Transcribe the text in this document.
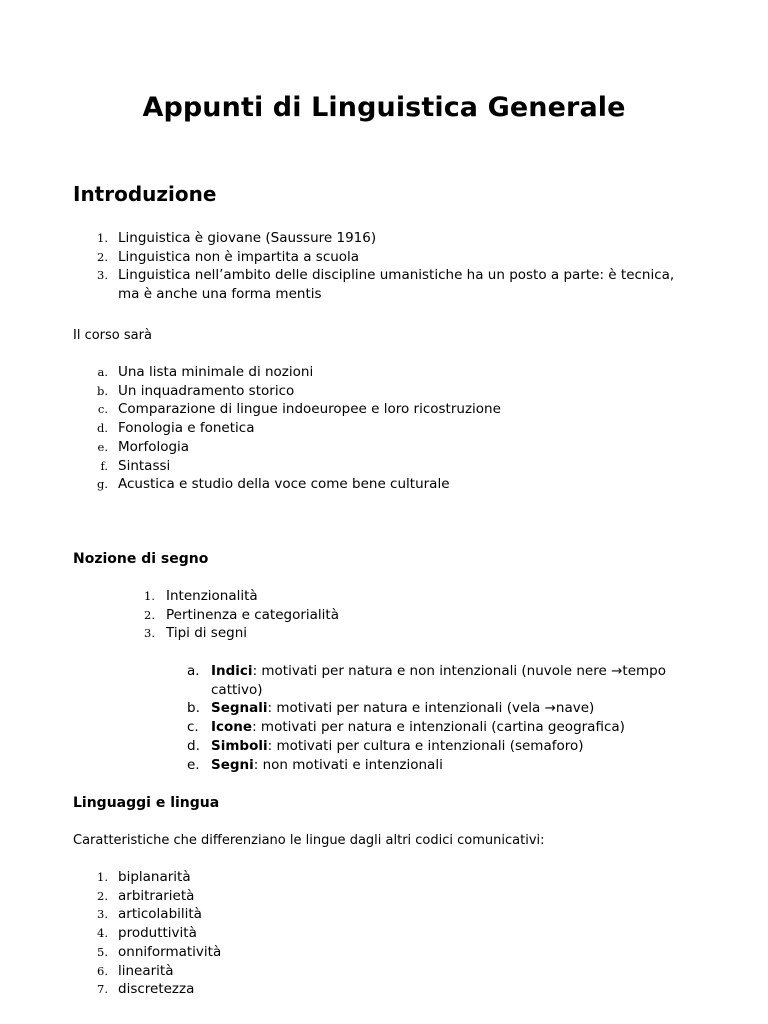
Appunti di Linguistica Generale
Introduzione
1. Linguistica è giovane (Saussure 1916)
2. Linguistica non è impartita a scuola
3. Linguistica nell’ambito delle discipline umanistiche ha un posto a parte: è tecnica, ma è anche una forma mentis
Il corso sarà
a. Una lista minimale di nozioni
b. Un inquadramento storico
c. Comparazione di lingue indoeuropee e loro ricostruzione
d. Fonologia e fonetica
e. Morfologia
f. Sintassi
g. Acustica e studio della voce come bene culturale
Nozione di segno
1. Intenzionalità
2. Pertinenza e categorialità
3. Tipi di segni
a. Indici: motivati per natura e non intenzionali (nuvole nere →tempo cattivo)
b. Segnali: motivati per natura e intenzionali (vela →nave)
c. Icone: motivati per natura e intenzionali (cartina geografica)
d. Simboli: motivati per cultura e intenzionali (semaforo)
e. Segni: non motivati e intenzionali
Linguaggi e lingua
Caratteristiche che differenziano le lingue dagli altri codici comunicativi:
1. biplanarità
2. arbitrarietà
3. articolabilità
4. produttività
5. onniformatività
6. linearità
7. discretezza
